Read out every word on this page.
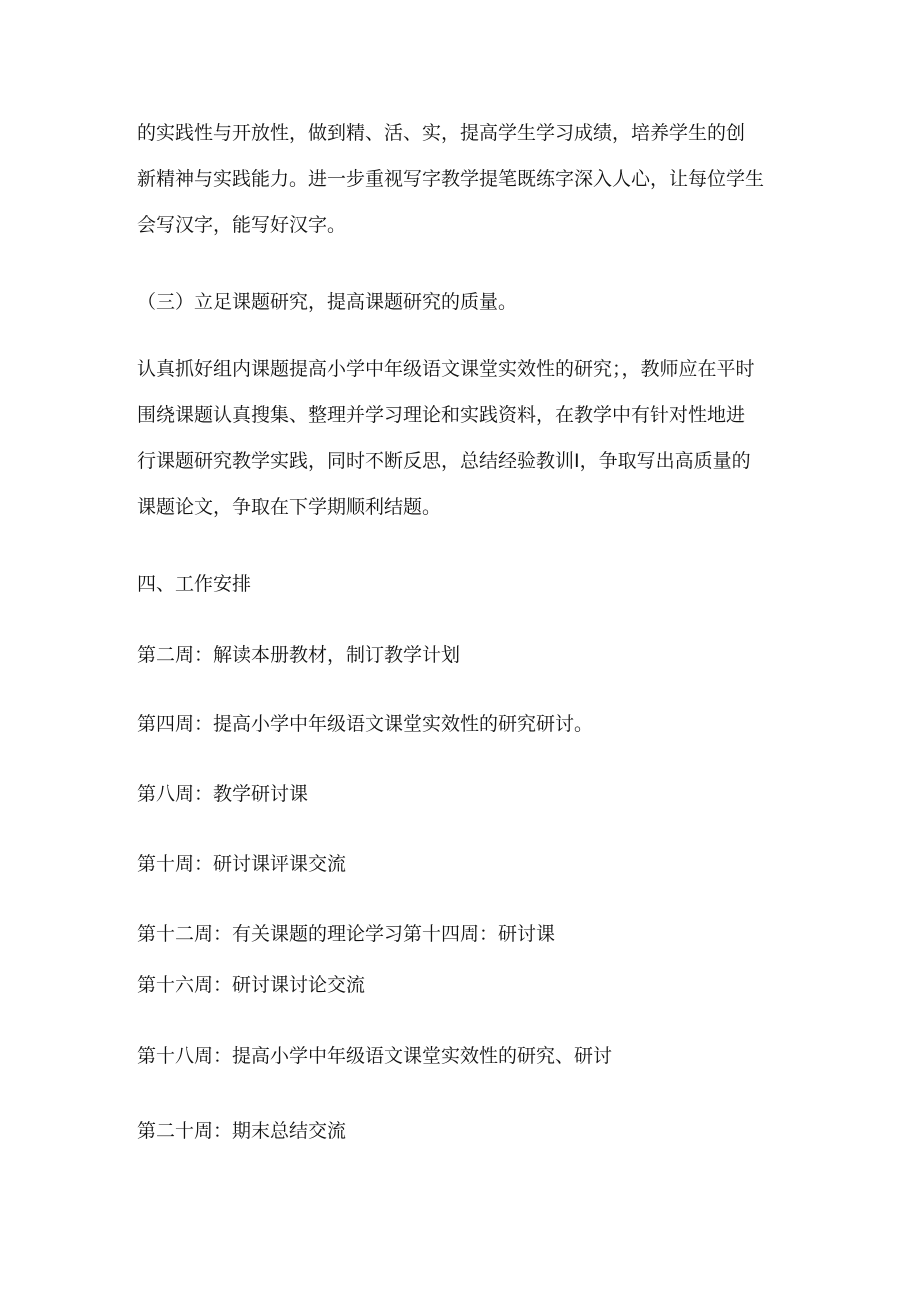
的实践性与开放性，做到精、活、实，提高学生学习成绩，培养学生的创
新精神与实践能力。进一步重视写字教学提笔既练字深入人心，让每位学生
会写汉字，能写好汉字。

（三）立足课题研究，提高课题研究的质量。

认真抓好组内课题提高小学中年级语文课堂实效性的研究；，教师应在平时
围绕课题认真搜集、整理并学习理论和实践资料，在教学中有针对性地进
行课题研究教学实践，同时不断反思，总结经验教训Ⅰ，争取写出高质量的
课题论文，争取在下学期顺利结题。

四、工作安排

第二周：解读本册教材，制订教学计划

第四周：提高小学中年级语文课堂实效性的研究研讨。

第八周：教学研讨课

第十周：研讨课评课交流

第十二周：有关课题的理论学习第十四周：研讨课

第十六周：研讨课讨论交流

第十八周：提高小学中年级语文课堂实效性的研究、研讨

第二十周：期末总结交流
